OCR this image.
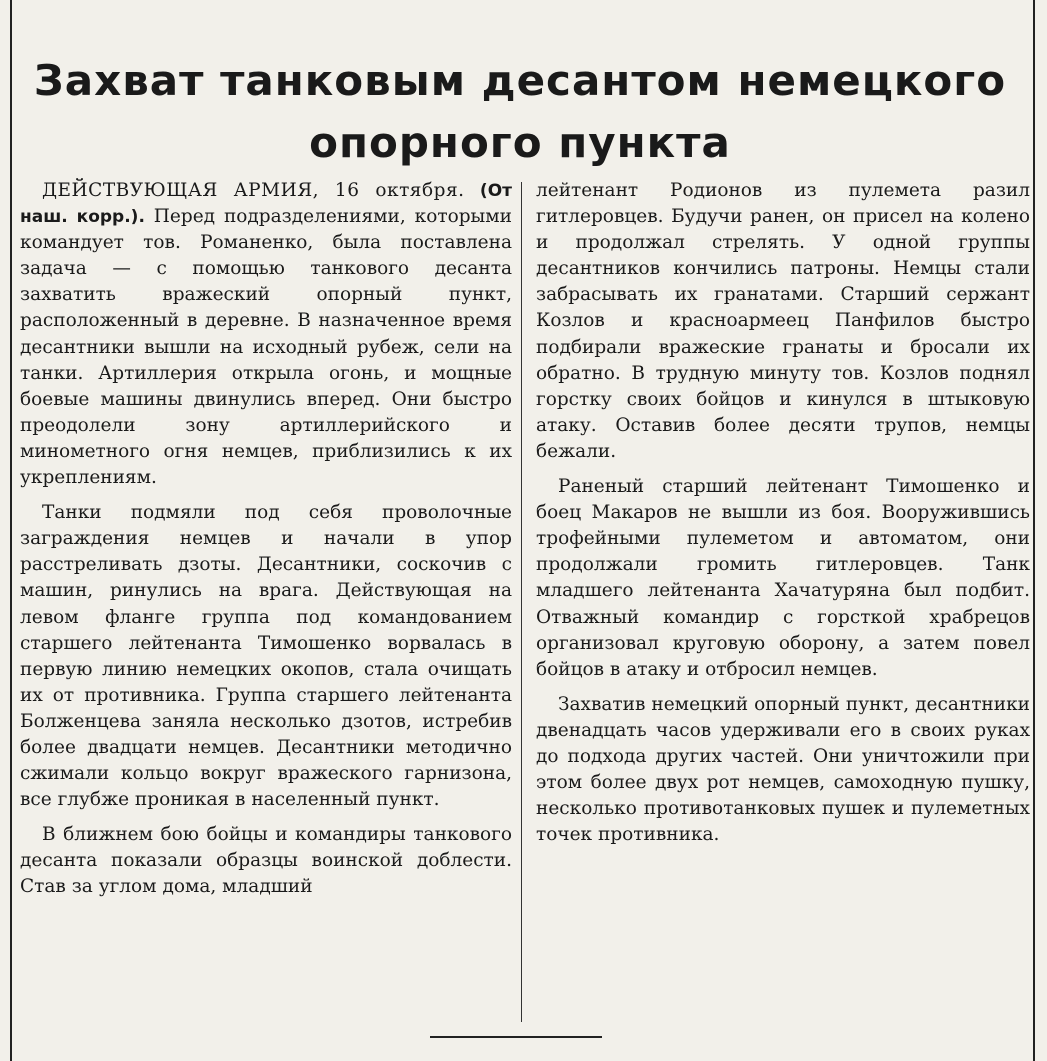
Захват танковым десантом немецкого
опорного пункта

ДЕЙСТВУЮЩАЯ АРМИЯ, 16 октября. (От наш. корр.). Перед подразделениями, которыми командует тов. Романенко, была поставлена задача — с помощью танкового десанта захватить вражеский опорный пункт, расположенный в деревне. В назначенное время десантники вышли на исходный рубеж, сели на танки. Артиллерия открыла огонь, и мощные боевые машины двинулись вперед. Они быстро преодолели зону артиллерийского и минометного огня немцев, приблизились к их укреплениям.

Танки подмяли под себя проволочные заграждения немцев и начали в упор расстреливать дзоты. Десантники, соскочив с машин, ринулись на врага. Действующая на левом фланге группа под командованием старшего лейтенанта Тимошенко ворвалась в первую линию немецких окопов, стала очищать их от противника. Группа старшего лейтенанта Болженцева заняла несколько дзотов, истребив более двадцати немцев. Десантники методично сжимали кольцо вокруг вражеского гарнизона, все глубже проникая в населенный пункт.

В ближнем бою бойцы и командиры танкового десанта показали образцы воинской доблести. Став за углом дома, младший

лейтенант Родионов из пулемета разил гитлеровцев. Будучи ранен, он присел на колено и продолжал стрелять. У одной группы десантников кончились патроны. Немцы стали забрасывать их гранатами. Старший сержант Козлов и красноармеец Панфилов быстро подбирали вражеские гранаты и бросали их обратно. В трудную минуту тов. Козлов поднял горстку своих бойцов и кинулся в штыковую атаку. Оставив более десяти трупов, немцы бежали.

Раненый старший лейтенант Тимошенко и боец Макаров не вышли из боя. Вооружившись трофейными пулеметом и автоматом, они продолжали громить гитлеровцев. Танк младшего лейтенанта Хачатуряна был подбит. Отважный командир с горсткой храбрецов организовал круговую оборону, а затем повел бойцов в атаку и отбросил немцев.

Захватив немецкий опорный пункт, десантники двенадцать часов удерживали его в своих руках до подхода других частей. Они уничтожили при этом более двух рот немцев, самоходную пушку, несколько противотанковых пушек и пулеметных точек противника.
